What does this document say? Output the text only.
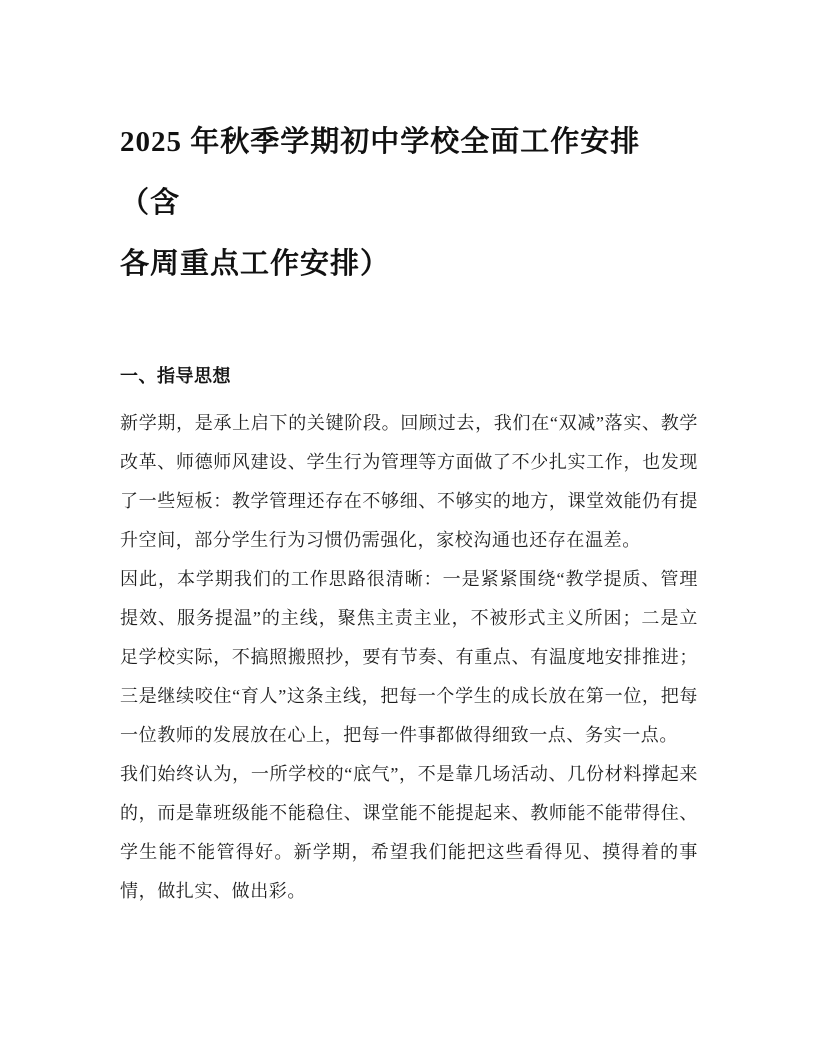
2025 年秋季学期初中学校全面工作安排（含
各周重点工作安排）
一、指导思想

新学期，是承上启下的关键阶段。回顾过去，我们在“双减”落实、教学改革、师德师风建设、学生行为管理等方面做了不少扎实工作，也发现了一些短板：教学管理还存在不够细、不够实的地方，课堂效能仍有提升空间，部分学生行为习惯仍需强化，家校沟通也还存在温差。

因此，本学期我们的工作思路很清晰：一是紧紧围绕“教学提质、管理提效、服务提温”的主线，聚焦主责主业，不被形式主义所困；二是立足学校实际，不搞照搬照抄，要有节奏、有重点、有温度地安排推进；三是继续咬住“育人”这条主线，把每一个学生的成长放在第一位，把每一位教师的发展放在心上，把每一件事都做得细致一点、务实一点。

我们始终认为，一所学校的“底气”，不是靠几场活动、几份材料撑起来的，而是靠班级能不能稳住、课堂能不能提起来、教师能不能带得住、学生能不能管得好。新学期，希望我们能把这些看得见、摸得着的事情，做扎实、做出彩。
